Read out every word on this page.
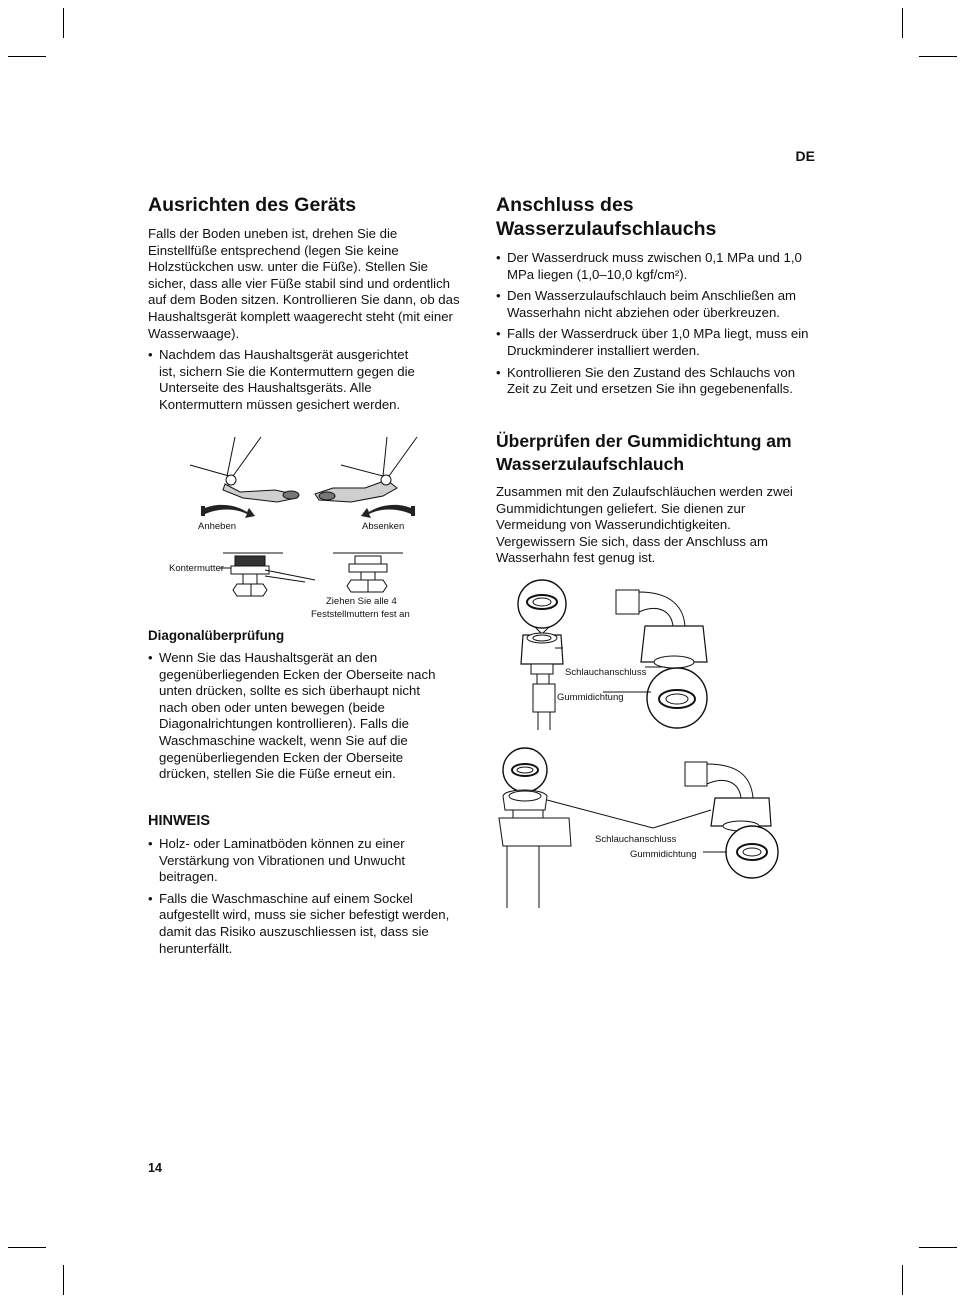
DE
Ausrichten des Geräts

Falls der Boden uneben ist, drehen Sie die Einstellfüße entsprechend (legen Sie keine Holzstückchen usw. unter die Füße). Stellen Sie sicher, dass alle vier Füße stabil sind und ordentlich auf dem Boden sitzen. Kontrollieren Sie dann, ob das Haushaltsgerät komplett waagerecht steht (mit einer Wasserwaage).

• Nachdem das Haushaltsgerät ausgerichtet ist, sichern Sie die Kontermuttern gegen die Unterseite des Haushaltsgeräts. Alle Kontermuttern müssen gesichert werden.
Anheben	Absenken
Kontermutter
Ziehen Sie alle 4
Feststellmuttern fest an
Diagonalüberprüfung
• Wenn Sie das Haushaltsgerät an den gegenüberliegenden Ecken der Oberseite nach unten drücken, sollte es sich überhaupt nicht nach oben oder unten bewegen (beide Diagonalrichtungen kontrollieren). Falls die Waschmaschine wackelt, wenn Sie auf die gegenüberliegenden Ecken der Oberseite drücken, stellen Sie die Füße erneut ein.
HINWEIS
• Holz- oder Laminatböden können zu einer Verstärkung von Vibrationen und Unwucht beitragen.
• Falls die Waschmaschine auf einem Sockel aufgestellt wird, muss sie sicher befestigt werden, damit das Risiko auszuschliessen ist, dass sie herunterfällt.
14
Anschluss des
Wasserzulaufschlauchs
• Der Wasserdruck muss zwischen 0,1 MPa und 1,0 MPa liegen (1,0–10,0 kgf/cm²).
• Den Wasserzulaufschlauch beim Anschließen am Wasserhahn nicht abziehen oder überkreuzen.
• Falls der Wasserdruck über 1,0 MPa liegt, muss ein Druckminderer installiert werden.
• Kontrollieren Sie den Zustand des Schlauchs von Zeit zu Zeit und ersetzen Sie ihn gegebenenfalls.
Überprüfen der Gummidichtung am
Wasserzulaufschlauch

Zusammen mit den Zulaufschläuchen werden zwei Gummidichtungen geliefert. Sie dienen zur Vermeidung von Wasserundichtigkeiten. Vergewissern Sie sich, dass der Anschluss am Wasserhahn fest genug ist.

Schlauchanschluss
Gummidichtung
Schlauchanschluss
Gummidichtung
